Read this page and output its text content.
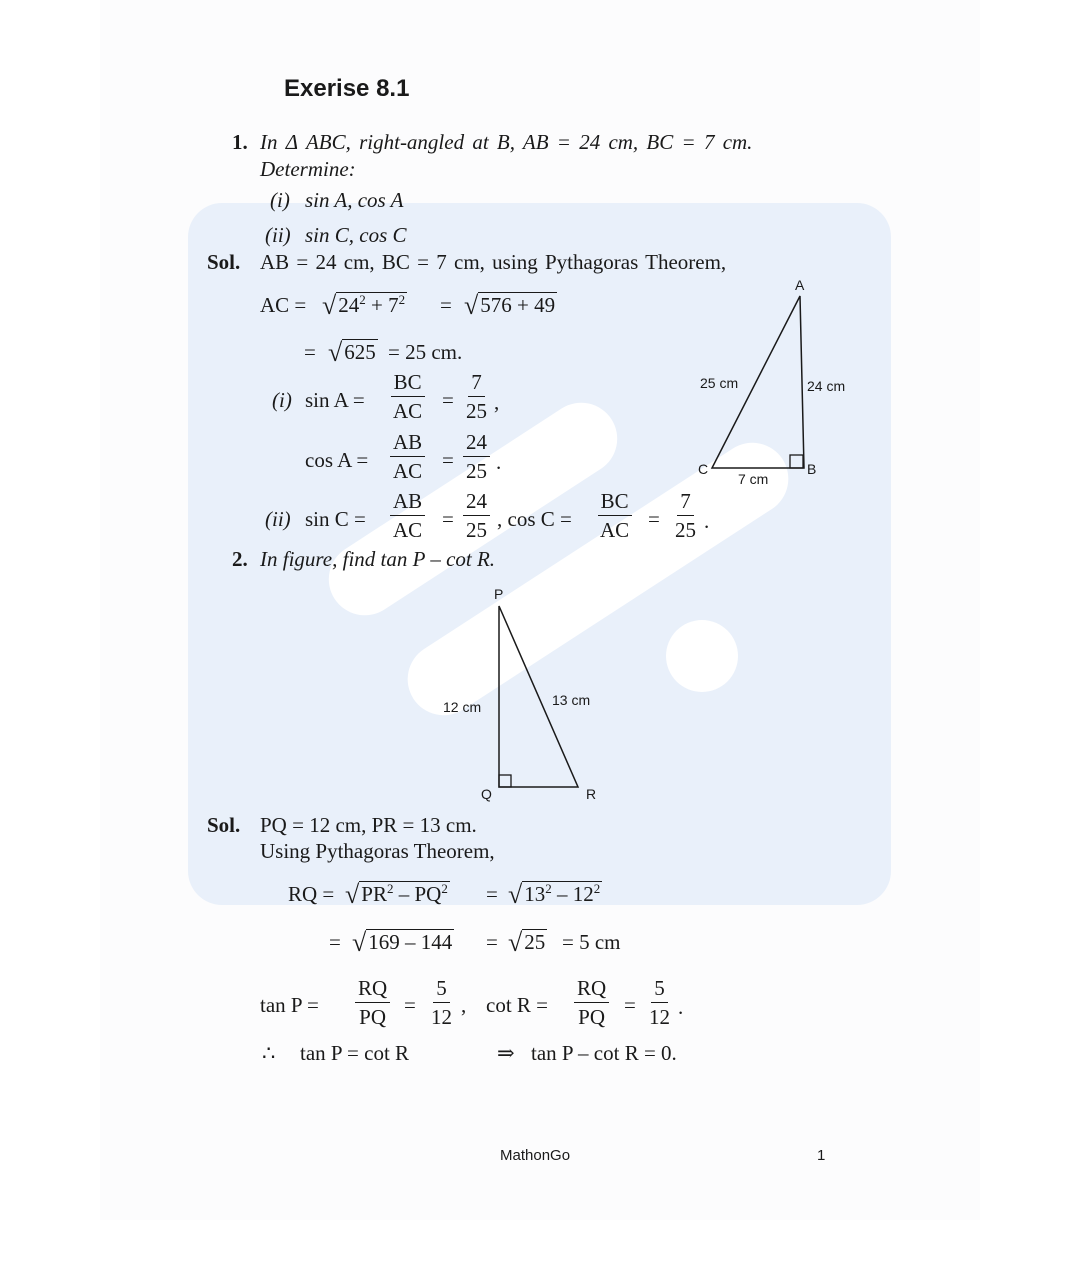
Exerise 8.1
1. In Δ ABC, right-angled at B, AB = 24 cm, BC = 7 cm.
Determine:
(i) sin A, cos A
(ii) sin C, cos C
Sol. AB = 24 cm, BC = 7 cm, using Pythagoras Theorem,
AC = $√24^2 + 7^2 = √576 + 49$
= √625 = 25 cm.
(i) $\sin A = \frac{BC}{AC} = \frac{7}{25}$ ,
$\cos A = \frac{AB}{AC} = \frac{24}{25}$ .
(ii) $\sin C = \frac{AB}{AC} = \frac{24}{25}$ , $\cos C = \frac{BC}{AC} = \frac{7}{25}$ .
A
B
C
25 cm	24 cm
7 cm
2. In figure, find tan P – cot R.
P
Q	R
12 cm	13 cm
Sol. PQ = 12 cm, PR = 13 cm.
Using Pythagoras Theorem,
RQ = $√PR^2 - PQ^2 = √13^2 - 12^2$
= √169 – 144 = √25 = 5 cm
$\tan P = \frac{RQ}{PQ} = \frac{5}{12}$ , $\cot R = \frac{RQ}{PQ} = \frac{5}{12}$ .
∴ tan P = cot R	⇒ tan P – cot R = 0.
MathonGo	1
